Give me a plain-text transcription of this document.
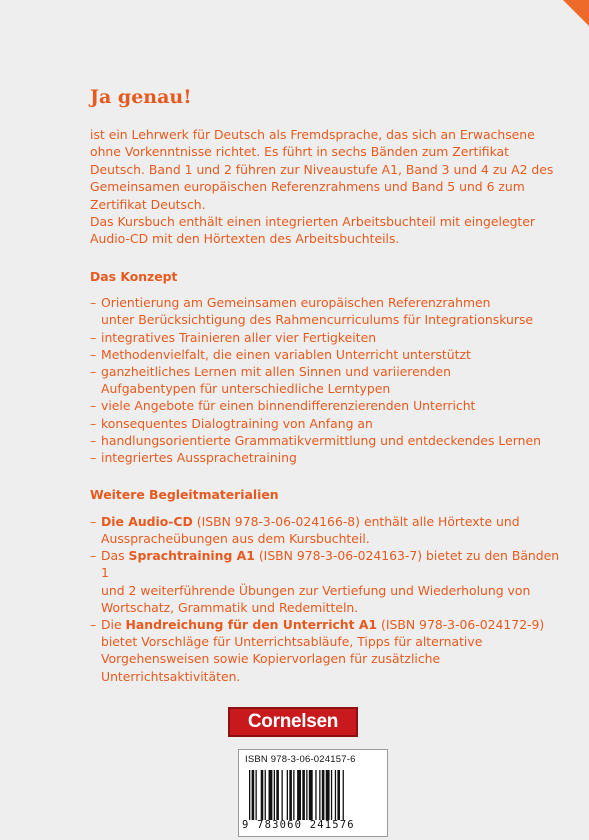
Ja genau!

ist ein Lehrwerk für Deutsch als Fremdsprache, das sich an Erwachsene

ohne Vorkenntnisse richtet. Es führt in sechs Bänden zum Zertifikat

Deutsch. Band 1 und 2 führen zur Niveaustufe A1, Band 3 und 4 zu A2 des

Gemeinsamen europäischen Referenzrahmens und Band 5 und 6 zum

Zertifikat Deutsch.

Das Kursbuch enthält einen integrierten Arbeitsbuchteil mit eingelegter

Audio-CD mit den Hörtexten des Arbeitsbuchteils.

Das Konzept
– Orientierung am Gemeinsamen europäischen Referenzrahmen
unter Berücksichtigung des Rahmencurriculums für Integrationskurse
– integratives Trainieren aller vier Fertigkeiten
– Methodenvielfalt, die einen variablen Unterricht unterstützt
– ganzheitliches Lernen mit allen Sinnen und variierenden
Aufgabentypen für unterschiedliche Lerntypen
– viele Angebote für einen binnendifferenzierenden Unterricht
– konsequentes Dialogtraining von Anfang an
– handlungsorientierte Grammatikvermittlung und entdeckendes Lernen
– integriertes Aussprachetraining
Weitere Begleitmaterialien
– Die Audio-CD (ISBN 978-3-06-024166-8) enthält alle Hörtexte und
Ausspracheübungen aus dem Kursbuchteil.
– Das Sprachtraining A1 (ISBN 978-3-06-024163-7) bietet zu den Bänden 1
und 2 weiterführende Übungen zur Vertiefung und Wiederholung von
Wortschatz, Grammatik und Redemitteln.
– Die Handreichung für den Unterricht A1 (ISBN 978-3-06-024172-9)
bietet Vorschläge für Unterrichtsabläufe, Tipps für alternative
Vorgehensweisen sowie Kopiervorlagen für zusätzliche
Unterrichtsaktivitäten.
Cornelsen
ISBN 978-3-06-024157-6
9 783060 241576
